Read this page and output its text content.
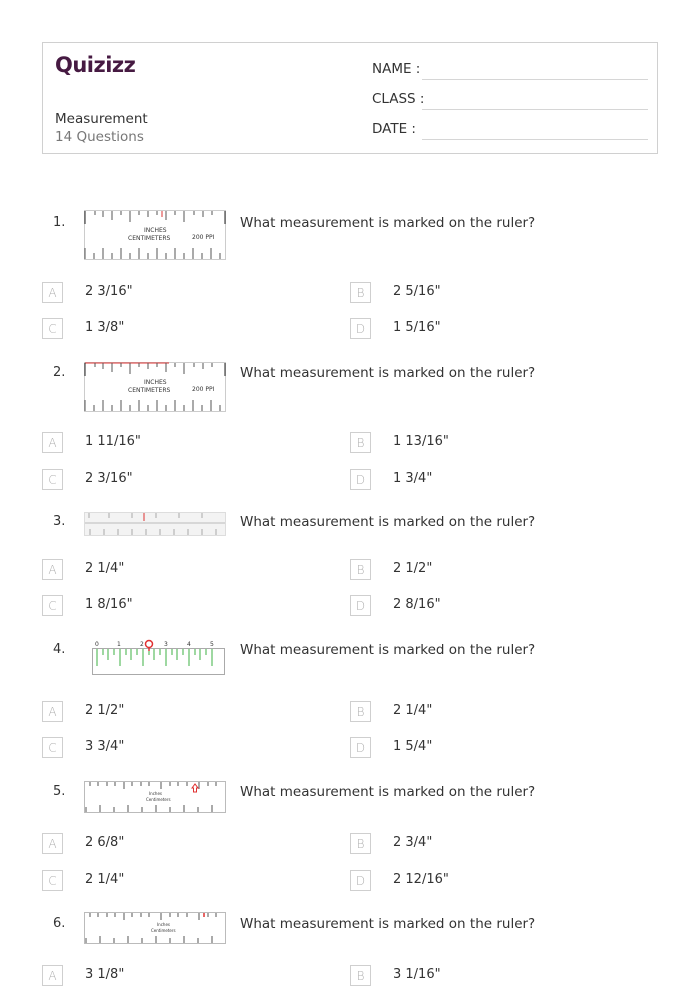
Quizizz
Measurement
14 Questions
NAME :
CLASS :
DATE :
1.
INCHES
CENTIMETERS	200 PPI
What measurement is marked on the ruler?
A	2 3/16"	B	2 5/16"
C	1 3/8"	D	1 5/16"
2.
INCHES
CENTIMETERS	200 PPI
What measurement is marked on the ruler?
A	1 11/16"	B	1 13/16"
C	2 3/16"	D	1 3/4"
3.	What measurement is marked on the ruler?
A	2 1/4"	B	2 1/2"
C	1 8/16"	D	2 8/16"
4.	0	1	2	3	4	5 What measurement is marked on the ruler?
A	2 1/2"	B	2 1/4"
C	3 3/4"	D	1 5/4"
5.	Inches
Centimeters	What measurement is marked on the ruler?
A	2 6/8"	B	2 3/4"
C	2 1/4"	D	2 12/16"
6.	Inches
Centimeters	What measurement is marked on the ruler?
A	3 1/8"	B	3 1/16"
